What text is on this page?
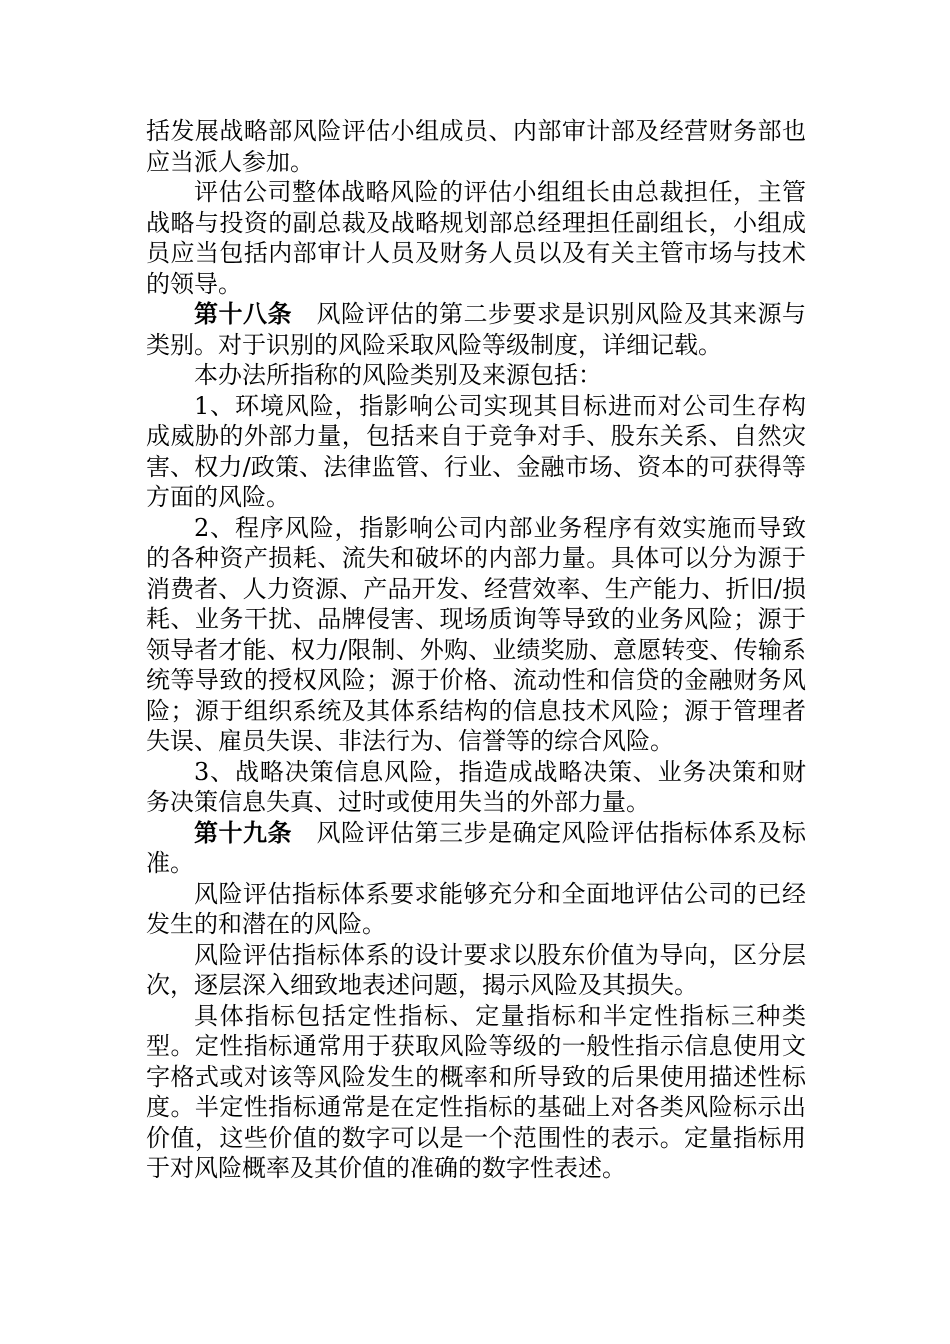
括发展战略部风险评估小组成员、内部审计部及经营财务部也应当派人参加。

评估公司整体战略风险的评估小组组长由总裁担任，主管战略与投资的副总裁及战略规划部总经理担任副组长，小组成员应当包括内部审计人员及财务人员以及有关主管市场与技术的领导。

第十八条 风险评估的第二步要求是识别风险及其来源与类别。对于识别的风险采取风险等级制度，详细记载。

本办法所指称的风险类别及来源包括：

1、环境风险，指影响公司实现其目标进而对公司生存构成威胁的外部力量，包括来自于竞争对手、股东关系、自然灾害、权力/政策、法律监管、行业、金融市场、资本的可获得等方面的风险。

2、程序风险，指影响公司内部业务程序有效实施而导致的各种资产损耗、流失和破坏的内部力量。具体可以分为源于消费者、人力资源、产品开发、经营效率、生产能力、折旧/损耗、业务干扰、品牌侵害、现场质询等导致的业务风险；源于领导者才能、权力/限制、外购、业绩奖励、意愿转变、传输系统等导致的授权风险；源于价格、流动性和信贷的金融财务风险；源于组织系统及其体系结构的信息技术风险；源于管理者失误、雇员失误、非法行为、信誉等的综合风险。

3、战略决策信息风险，指造成战略决策、业务决策和财务决策信息失真、过时或使用失当的外部力量。

第十九条 风险评估第三步是确定风险评估指标体系及标准。

风险评估指标体系要求能够充分和全面地评估公司的已经发生的和潜在的风险。

风险评估指标体系的设计要求以股东价值为导向，区分层次，逐层深入细致地表述问题，揭示风险及其损失。

具体指标包括定性指标、定量指标和半定性指标三种类型。定性指标通常用于获取风险等级的一般性指示信息使用文字格式或对该等风险发生的概率和所导致的后果使用描述性标度。半定性指标通常是在定性指标的基础上对各类风险标示出价值，这些价值的数字可以是一个范围性的表示。定量指标用于对风险概率及其价值的准确的数字性表述。
